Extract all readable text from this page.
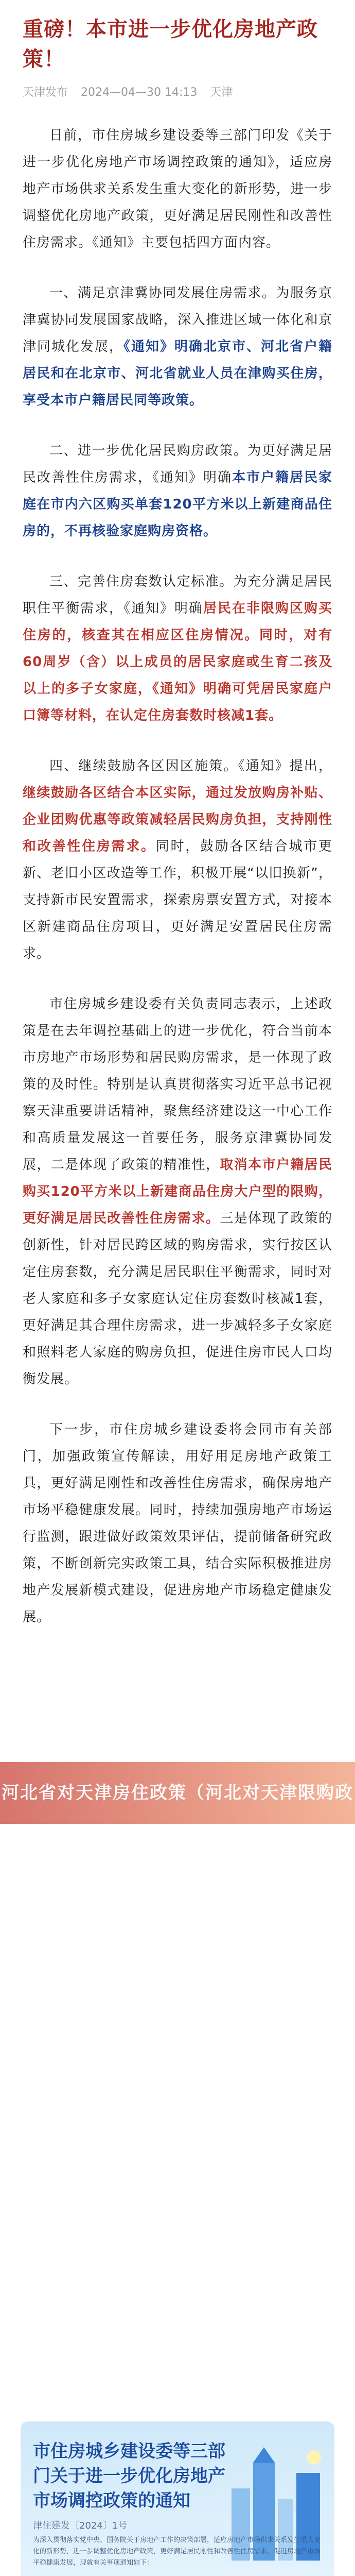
重磅！本市进一步优化房地产政策！
天津发布 2024—04—30 14:13 天津

日前，市住房城乡建设委等三部门印发《关于进一步优化房地产市场调控政策的通知》，适应房地产市场供求关系发生重大变化的新形势，进一步调整优化房地产政策，更好满足居民刚性和改善性住房需求。《通知》主要包括四方面内容。

一、满足京津冀协同发展住房需求。为服务京津冀协同发展国家战略，深入推进区域一体化和京津同城化发展，《通知》明确北京市、河北省户籍居民和在北京市、河北省就业人员在津购买住房，享受本市户籍居民同等政策。

二、进一步优化居民购房政策。为更好满足居民改善性住房需求，《通知》明确本市户籍居民家庭在市内六区购买单套120平方米以上新建商品住房的，不再核验家庭购房资格。

三、完善住房套数认定标准。为充分满足居民职住平衡需求，《通知》明确居民在非限购区购买住房的，核查其在相应区住房情况。同时，对有60周岁（含）以上成员的居民家庭或生育二孩及以上的多子女家庭，《通知》明确可凭居民家庭户口簿等材料，在认定住房套数时核减1套。

四、继续鼓励各区因区施策。《通知》提出，继续鼓励各区结合本区实际，通过发放购房补贴、企业团购优惠等政策减轻居民购房负担，支持刚性和改善性住房需求。同时，鼓励各区结合城市更新、老旧小区改造等工作，积极开展“以旧换新”，支持新市民安置需求，探索房票安置方式，对接本区新建商品住房项目，更好满足安置居民住房需求。

市住房城乡建设委有关负责同志表示，上述政策是在去年调控基础上的进一步优化，符合当前本市房地产市场形势和居民购房需求，是一体现了政策的及时性。特别是认真贯彻落实习近平总书记视察天津重要讲话精神，聚焦经济建设这一中心工作和高质量发展这一首要任务，服务京津冀协同发展，二是体现了政策的精准性，取消本市户籍居民购买120平方米以上新建商品住房大户型的限购，更好满足居民改善性住房需求。三是体现了政策的创新性，针对居民跨区域的购房需求，实行按区认定住房套数，充分满足居民职住平衡需求，同时对老人家庭和多子女家庭认定住房套数时核减1套，更好满足其合理住房需求，进一步减轻多子女家庭和照料老人家庭的购房负担，促进住房市民人口均衡发展。

下一步，市住房城乡建设委将会同市有关部门，加强政策宣传解读，用好用足房地产政策工具，更好满足刚性和改善性住房需求，确保房地产市场平稳健康发展。同时，持续加强房地产市场运行监测，跟进做好政策效果评估，提前储备研究政策，不断创新完实政策工具，结合实际积极推进房地产发展新模式建设，促进房地产市场稳定健康发展。

河北省对天津房住政策（河北对天津限购政策）
市住房城乡建设委等三部门关于进一步优化房地产市场调控政策的通知
津住建发〔2024〕1号
为深入贯彻落实党中央、国务院关于房地产工作的决策部署，适应房地产市场供求关系发生重大变化的新形势，进一步调整优化房地产政策，更好满足居民刚性和改善性住房需求，促进房地产市场平稳健康发展，现就有关事项通知如下：
